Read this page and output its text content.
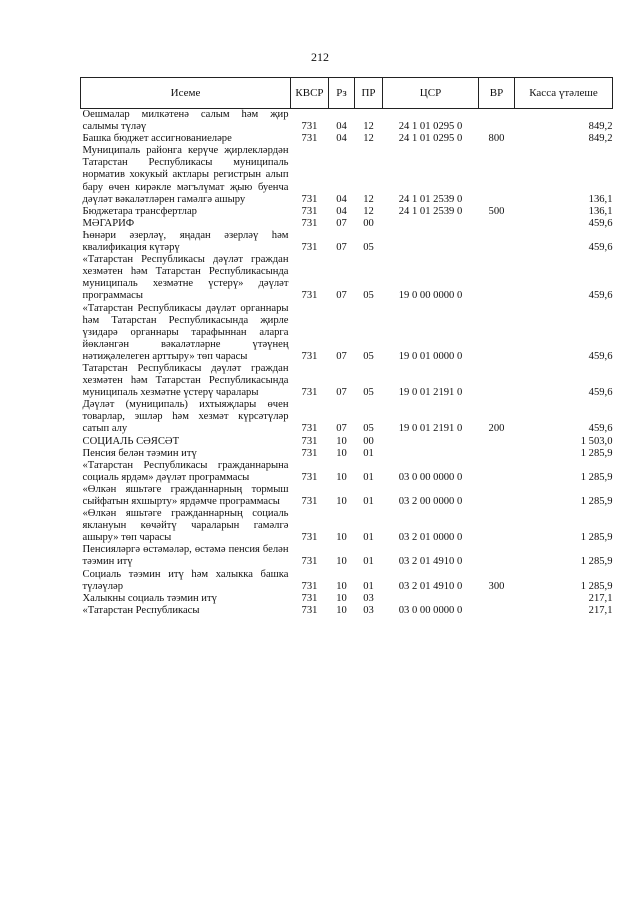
212
Исеме	КВСР	Рз	ПР	ЦСР	ВР	Касса үтәлеше
Оешмалар милкәтенә салым һәм җир салымы түләү	731	04	12	24 1 01 0295 0		849,2
Башка бюджет ассигнованиеләре	731	04	12	24 1 01 0295 0	800	849,2
Муниципаль районга керүче җирлекләрдән Татарстан Республикасы муниципаль норматив хокукый актлары регистрын алып бару өчен кирәкле мәгълүмат җыю буенча дәүләт вәкаләтләрен гамәлгә ашыру	731	04	12	24 1 01 2539 0		136,1
Бюджетара трансфертлар	731	04	12	24 1 01 2539 0	500	136,1
МӘГАРИФ	731	07	00			459,6
Һөнәри әзерләү, яңадан әзерләү һәм квалификация күтәрү	731	07	05			459,6
«Татарстан Республикасы дәүләт граждан хезмәтен һәм Татарстан Республикасында муниципаль хезмәтне үстерү» дәүләт программасы	731	07	05	19 0 00 0000 0		459,6
«Татарстан Республикасы дәүләт органнары һәм Татарстан Республикасында җирле үзидарә органнары тарафыннан аларга йөкләнгән вәкаләтләрне үтәүнең нәтиҗәлелеген арттыру» төп чарасы	731	07	05	19 0 01 0000 0		459,6
Татарстан Республикасы дәүләт граждан хезмәтен һәм Татарстан Республикасында муниципаль хезмәтне үстерү чаралары	731	07	05	19 0 01 2191 0		459,6
Дәүләт (муниципаль) ихтыяҗлары өчен товарлар, эшләр һәм хезмәт күрсәтүләр сатып алу	731	07	05	19 0 01 2191 0	200	459,6
СОЦИАЛЬ СӘЯСӘТ	731	10	00			1 503,0
Пенсия белән тәэмин итү	731	10	01			1 285,9
«Татарстан Республикасы гражданнарына социаль ярдәм» дәүләт программасы	731	10	01	03 0 00 0000 0		1 285,9
«Өлкән яшьтәге гражданнарның тормыш сыйфатын яхшырту» ярдәмче программасы	731	10	01	03 2 00 0000 0		1 285,9
«Өлкән яшьтәге гражданнарның социаль яклануын көчәйтү чараларын гамәлгә ашыру» төп чарасы	731	10	01	03 2 01 0000 0		1 285,9
Пенсияләргә өстәмәләр, өстәмә пенсия белән тәэмин итү	731	10	01	03 2 01 4910 0		1 285,9
Социаль тәэмин итү һәм халыкка башка түләүләр	731	10	01	03 2 01 4910 0	300	1 285,9
Халыкны социаль тәэмин итү	731	10	03			217,1
«Татарстан Республикасы	731	10	03	03 0 00 0000 0		217,1
